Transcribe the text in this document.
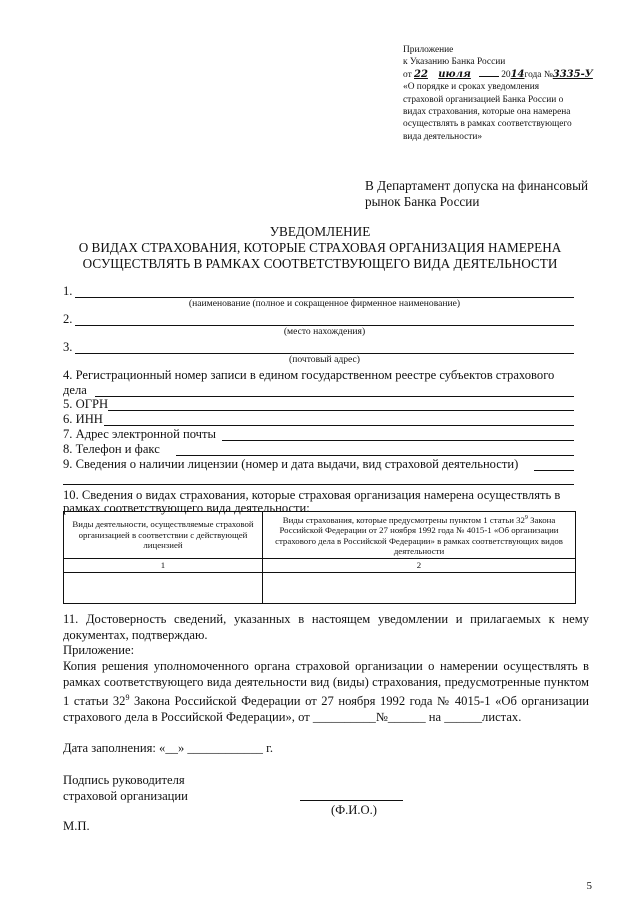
Приложение
к Указанию Банка России
от 22 июля	2014года №3335-У
«О порядке и сроках уведомления
страховой организацией Банка России о
видах страхования, которые она намерена
осуществлять в рамках соответствующего
вида деятельности»
В Департамент допуска на финансовый
рынок Банка России
УВЕДОМЛЕНИЕ
О ВИДАХ СТРАХОВАНИЯ, КОТОРЫЕ СТРАХОВАЯ ОРГАНИЗАЦИЯ НАМЕРЕНА
ОСУЩЕСТВЛЯТЬ В РАМКАХ СООТВЕТСТВУЮЩЕГО ВИДА ДЕЯТЕЛЬНОСТИ
1.
(наименование (полное и сокращенное фирменное наименование)
2.
(место нахождения)
3.
(почтовый адрес)
4. Регистрационный номер записи в едином государственном реестре субъектов страхового
дела
5. ОГРН
6. ИНН
7. Адрес электронной почты
8. Телефон и факс
9. Сведения о наличии лицензии (номер и дата выдачи, вид страховой деятельности)
10. Сведения о видах страхования, которые страховая организация намерена осуществлять в
рамках соответствующего вида деятельности:
Виды деятельности, осуществляемые страховой организацией в соответствии с действующей лицензией	Виды страхования, которые предусмотрены пунктом 1 статьи $32^9$ Закона Российской Федерации от 27 ноября 1992 года № 4015-1 «Об организации страхового дела в Российской Федерации» в рамках соответствующих видов деятельности
1	2

11. Достоверность сведений, указанных в настоящем уведомлении и прилагаемых к нему документах, подтверждаю.
Приложение:
Копия решения уполномоченного органа страховой организации о намерении осуществлять в рамках соответствующего вида деятельности вид (виды) страхования, предусмотренные пунктом 1 статьи $32^9$ Закона Российской Федерации от 27 ноября 1992 года № 4015-1 «Об организации страхового дела в Российской Федерации», от __________№______ на ______листах.
Дата заполнения: «__» ____________ г.
Подпись руководителя
страховой организации
(Ф.И.О.)
М.П.
5
